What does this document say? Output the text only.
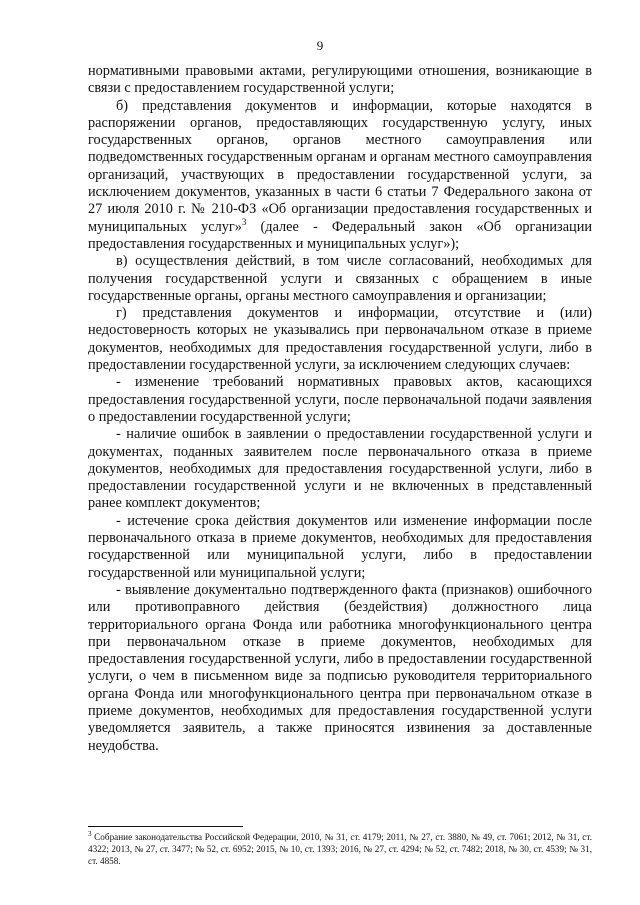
9

нормативными правовыми актами, регулирующими отношения, возникающие в связи с предоставлением государственной услуги;

б) представления документов и информации, которые находятся в распоряжении органов, предоставляющих государственную услугу, иных государственных органов, органов местного самоуправления или подведомственных государственным органам и органам местного самоуправления организаций, участвующих в предоставлении государственной услуги, за исключением документов, указанных в части 6 статьи 7 Федерального закона от 27 июля 2010 г. № 210-ФЗ «Об организации предоставления государственных и муниципальных услуг»$^3$ (далее - Федеральный закон «Об организации предоставления государственных и муниципальных услуг»);

в) осуществления действий, в том числе согласований, необходимых для получения государственной услуги и связанных с обращением в иные государственные органы, органы местного самоуправления и организации;

г) представления документов и информации, отсутствие и (или) недостоверность которых не указывались при первоначальном отказе в приеме документов, необходимых для предоставления государственной услуги, либо в предоставлении государственной услуги, за исключением следующих случаев:

- изменение требований нормативных правовых актов, касающихся предоставления государственной услуги, после первоначальной подачи заявления о предоставлении государственной услуги;

- наличие ошибок в заявлении о предоставлении государственной услуги и документах, поданных заявителем после первоначального отказа в приеме документов, необходимых для предоставления государственной услуги, либо в предоставлении государственной услуги и не включенных в представленный ранее комплект документов;

- истечение срока действия документов или изменение информации после первоначального отказа в приеме документов, необходимых для предоставления государственной или муниципальной услуги, либо в предоставлении государственной или муниципальной услуги;

- выявление документально подтвержденного факта (признаков) ошибочного или противоправного действия (бездействия) должностного лица территориального органа Фонда или работника многофункционального центра при первоначальном отказе в приеме документов, необходимых для предоставления государственной услуги, либо в предоставлении государственной услуги, о чем в письменном виде за подписью руководителя территориального органа Фонда или многофункционального центра при первоначальном отказе в приеме документов, необходимых для предоставления государственной услуги уведомляется заявитель, а также приносятся извинения за доставленные неудобства.

$^3$ Собрание законодательства Российской Федерации, 2010, № 31, ст. 4179; 2011, № 27, ст. 3880, № 49, ст. 7061; 2012, № 31, ст. 4322; 2013, № 27, ст. 3477; № 52, ст. 6952; 2015, № 10, ст. 1393; 2016, № 27, ст. 4294; № 52, ст. 7482; 2018, № 30, ст. 4539; № 31, ст. 4858.
